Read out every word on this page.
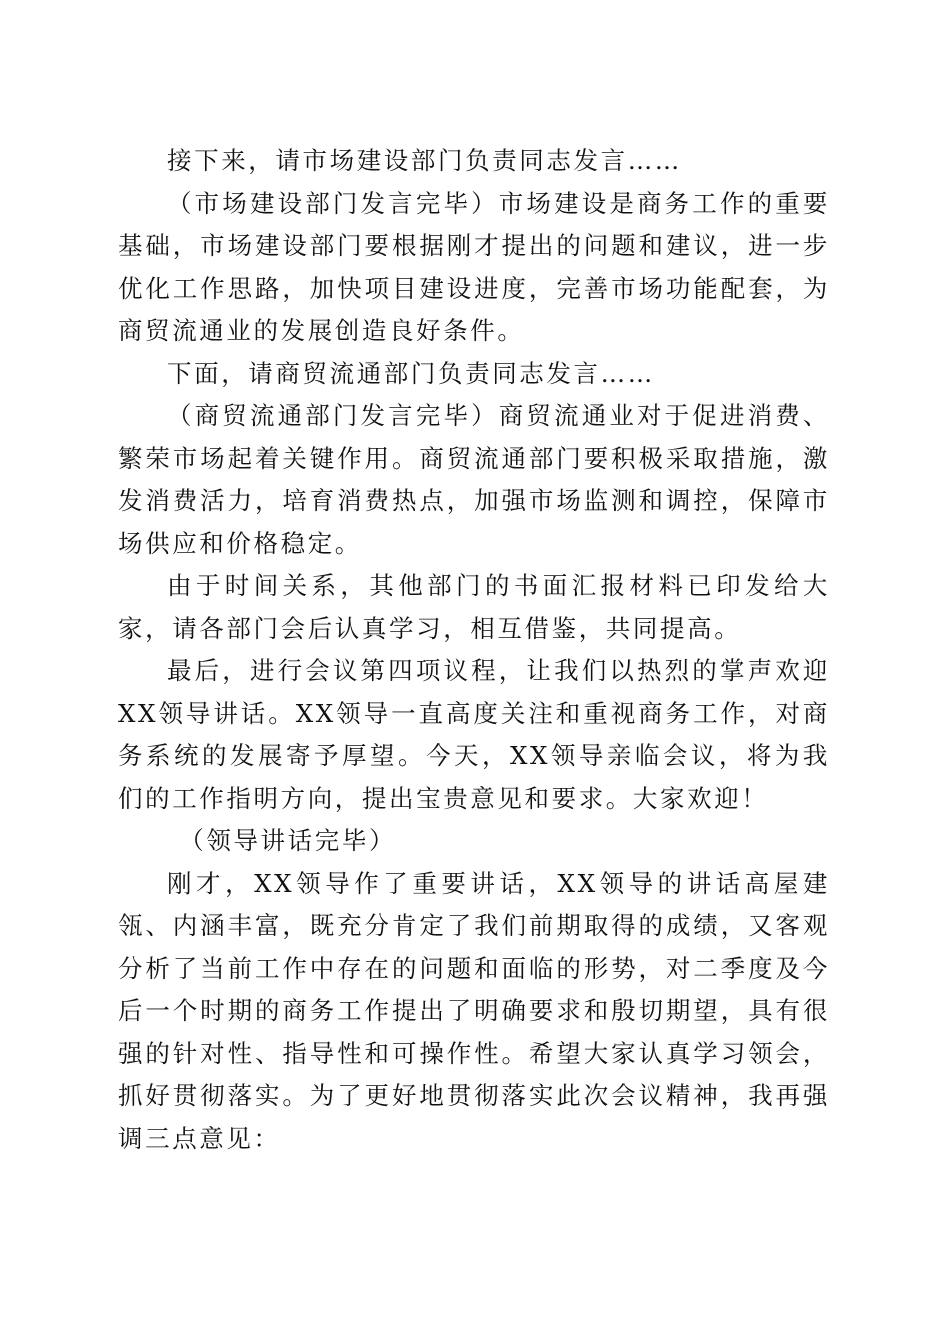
接下来，请市场建设部门负责同志发言……

（市场建设部门发言完毕）市场建设是商务工作的重要基础，市场建设部门要根据刚才提出的问题和建议，进一步优化工作思路，加快项目建设进度，完善市场功能配套，为商贸流通业的发展创造良好条件。

下面，请商贸流通部门负责同志发言……

（商贸流通部门发言完毕）商贸流通业对于促进消费、繁荣市场起着关键作用。商贸流通部门要积极采取措施，激发消费活力，培育消费热点，加强市场监测和调控，保障市场供应和价格稳定。

由于时间关系，其他部门的书面汇报材料已印发给大家，请各部门会后认真学习，相互借鉴，共同提高。

最后，进行会议第四项议程，让我们以热烈的掌声欢迎XX领导讲话。XX领导一直高度关注和重视商务工作，对商务系统的发展寄予厚望。今天，XX领导亲临会议，将为我们的工作指明方向，提出宝贵意见和要求。大家欢迎！

（领导讲话完毕）

刚才，XX领导作了重要讲话，XX领导的讲话高屋建瓴、内涵丰富，既充分肯定了我们前期取得的成绩，又客观分析了当前工作中存在的问题和面临的形势，对二季度及今后一个时期的商务工作提出了明确要求和殷切期望，具有很强的针对性、指导性和可操作性。希望大家认真学习领会，抓好贯彻落实。为了更好地贯彻落实此次会议精神，我再强调三点意见：
